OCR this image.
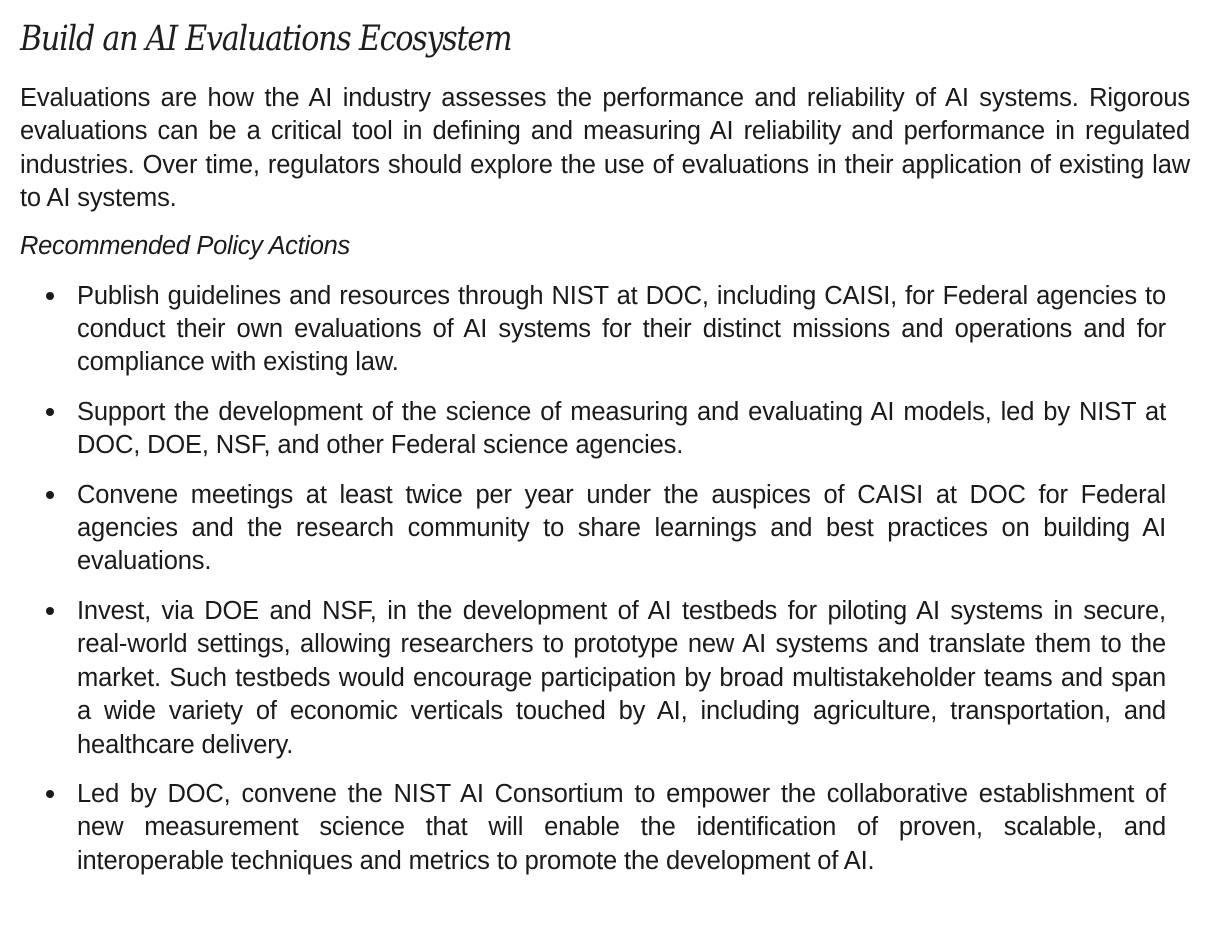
Build an AI Evaluations Ecosystem

Evaluations are how the AI industry assesses the performance and reliability of AI systems. Rigorous evaluations can be a critical tool in defining and measuring AI reliability and performance in regulated industries. Over time, regulators should explore the use of evaluations in their application of existing law to AI systems.

Recommended Policy Actions

Publish guidelines and resources through NIST at DOC, including CAISI, for Federal agencies to conduct their own evaluations of AI systems for their distinct missions and operations and for compliance with existing law.
Support the development of the science of measuring and evaluating AI models, led by NIST at DOC, DOE, NSF, and other Federal science agencies.
Convene meetings at least twice per year under the auspices of CAISI at DOC for Federal agencies and the research community to share learnings and best practices on building AI evaluations.
Invest, via DOE and NSF, in the development of AI testbeds for piloting AI systems in secure, real-world settings, allowing researchers to prototype new AI systems and translate them to the market. Such testbeds would encourage participation by broad multistakeholder teams and span a wide variety of economic verticals touched by AI, including agriculture, transportation, and healthcare delivery.
Led by DOC, convene the NIST AI Consortium to empower the collaborative establishment of new measurement science that will enable the identification of proven, scalable, and interoperable techniques and metrics to promote the development of AI.
